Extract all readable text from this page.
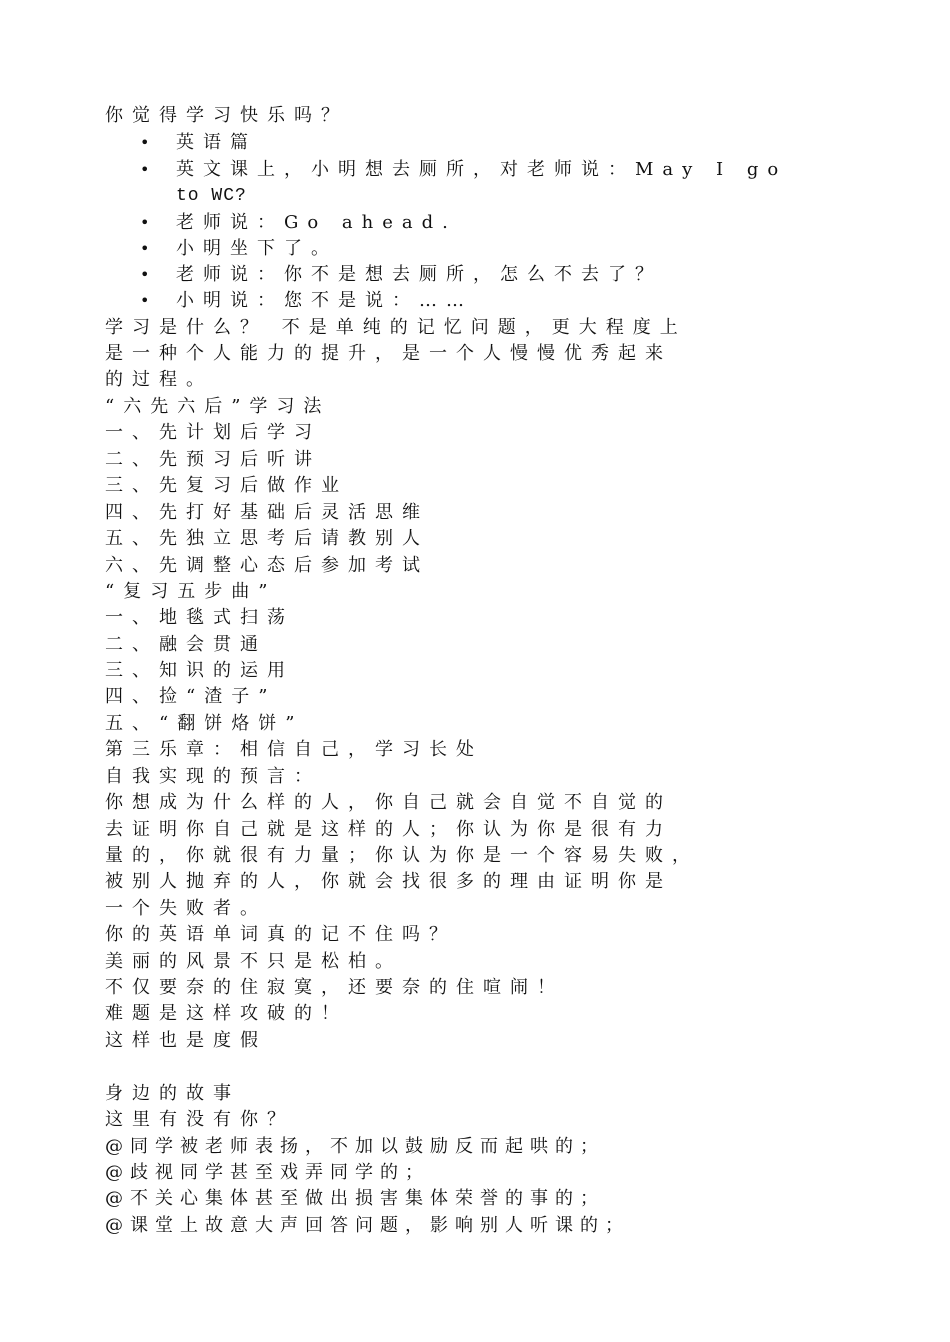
你觉得学习快乐吗？
• 英语篇
• 英文课上，小明想去厕所，对老师说：May I go
to WC?
• 老师说：Go ahead.
• 小明坐下了。
• 老师说：你不是想去厕所，怎么不去了？
• 小明说：您不是说：……
学习是什么？ 不是单纯的记忆问题，更大程度上
是一种个人能力的提升，是一个人慢慢优秀起来
的过程。
“六先六后”学习法
一、先计划后学习
二、先预习后听讲
三、先复习后做作业
四、先打好基础后灵活思维
五、先独立思考后请教别人
六、先调整心态后参加考试
“复习五步曲”
一、地毯式扫荡
二、融会贯通
三、知识的运用
四、捡“渣子”
五、“翻饼烙饼”
第三乐章：相信自己，学习长处
自我实现的预言：
你想成为什么样的人，你自己就会自觉不自觉的
去证明你自己就是这样的人；你认为你是很有力
量的，你就很有力量；你认为你是一个容易失败，
被别人抛弃的人，你就会找很多的理由证明你是
一个失败者。
你的英语单词真的记不住吗？
美丽的风景不只是松柏。
不仅要奈的住寂寞，还要奈的住喧闹！
难题是这样攻破的！
这样也是度假
身边的故事
这里有没有你？
@同学被老师表扬，不加以鼓励反而起哄的；
@歧视同学甚至戏弄同学的；
@不关心集体甚至做出损害集体荣誉的事的；
@课堂上故意大声回答问题，影响别人听课的；
